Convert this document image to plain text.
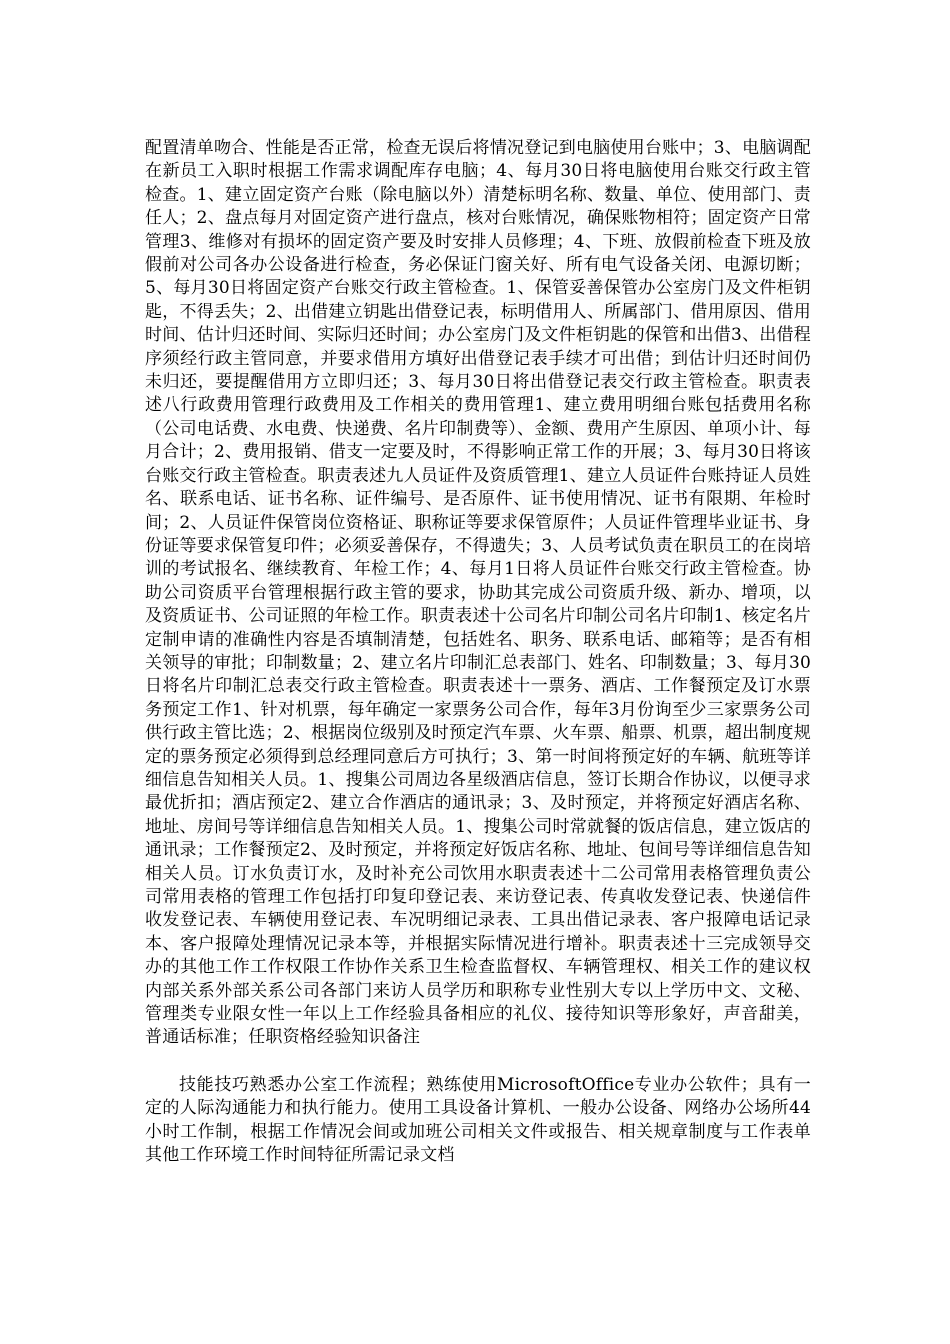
配置清单吻合、性能是否正常，检查无误后将情况登记到电脑使用台账中；3、电脑调配在新员工入职时根据工作需求调配库存电脑；4、每月30日将电脑使用台账交行政主管检查。1、建立固定资产台账（除电脑以外）清楚标明名称、数量、单位、使用部门、责任人；2、盘点每月对固定资产进行盘点，核对台账情况，确保账物相符；固定资产日常管理3、维修对有损坏的固定资产要及时安排人员修理；4、下班、放假前检查下班及放假前对公司各办公设备进行检查，务必保证门窗关好、所有电气设备关闭、电源切断；5、每月30日将固定资产台账交行政主管检查。1、保管妥善保管办公室房门及文件柜钥匙，不得丢失；2、出借建立钥匙出借登记表，标明借用人、所属部门、借用原因、借用时间、估计归还时间、实际归还时间；办公室房门及文件柜钥匙的保管和出借3、出借程序须经行政主管同意，并要求借用方填好出借登记表手续才可出借；到估计归还时间仍未归还，要提醒借用方立即归还；3、每月30日将出借登记表交行政主管检查。职责表述八行政费用管理行政费用及工作相关的费用管理1、建立费用明细台账包括费用名称（公司电话费、水电费、快递费、名片印制费等）、金额、费用产生原因、单项小计、每月合计；2、费用报销、借支一定要及时，不得影响正常工作的开展；3、每月30日将该台账交行政主管检查。职责表述九人员证件及资质管理1、建立人员证件台账持证人员姓名、联系电话、证书名称、证件编号、是否原件、证书使用情况、证书有限期、年检时间；2、人员证件保管岗位资格证、职称证等要求保管原件；人员证件管理毕业证书、身份证等要求保管复印件；必须妥善保存，不得遗失；3、人员考试负责在职员工的在岗培训的考试报名、继续教育、年检工作；4、每月1日将人员证件台账交行政主管检查。协助公司资质平台管理根据行政主管的要求，协助其完成公司资质升级、新办、增项，以及资质证书、公司证照的年检工作。职责表述十公司名片印制公司名片印制1、核定名片定制申请的准确性内容是否填制清楚，包括姓名、职务、联系电话、邮箱等；是否有相关领导的审批；印制数量；2、建立名片印制汇总表部门、姓名、印制数量；3、每月30日将名片印制汇总表交行政主管检查。职责表述十一票务、酒店、工作餐预定及订水票务预定工作1、针对机票，每年确定一家票务公司合作，每年3月份询至少三家票务公司供行政主管比选；2、根据岗位级别及时预定汽车票、火车票、船票、机票，超出制度规定的票务预定必须得到总经理同意后方可执行；3、第一时间将预定好的车辆、航班等详细信息告知相关人员。1、搜集公司周边各星级酒店信息，签订长期合作协议，以便寻求最优折扣；酒店预定2、建立合作酒店的通讯录；3、及时预定，并将预定好酒店名称、地址、房间号等详细信息告知相关人员。1、搜集公司时常就餐的饭店信息，建立饭店的通讯录；工作餐预定2、及时预定，并将预定好饭店名称、地址、包间号等详细信息告知相关人员。订水负责订水，及时补充公司饮用水职责表述十二公司常用表格管理负责公司常用表格的管理工作包括打印复印登记表、来访登记表、传真收发登记表、快递信件收发登记表、车辆使用登记表、车况明细记录表、工具出借记录表、客户报障电话记录本、客户报障处理情况记录本等，并根据实际情况进行增补。职责表述十三完成领导交办的其他工作工作权限工作协作关系卫生检查监督权、车辆管理权、相关工作的建议权内部关系外部关系公司各部门来访人员学历和职称专业性别大专以上学历中文、文秘、管理类专业限女性一年以上工作经验具备相应的礼仪、接待知识等形象好，声音甜美，普通话标准；任职资格经验知识备注

技能技巧熟悉办公室工作流程；熟练使用MicrosoftOffice专业办公软件；具有一定的人际沟通能力和执行能力。使用工具设备计算机、一般办公设备、网络办公场所44小时工作制，根据工作情况会间或加班公司相关文件或报告、相关规章制度与工作表单其他工作环境工作时间特征所需记录文档
